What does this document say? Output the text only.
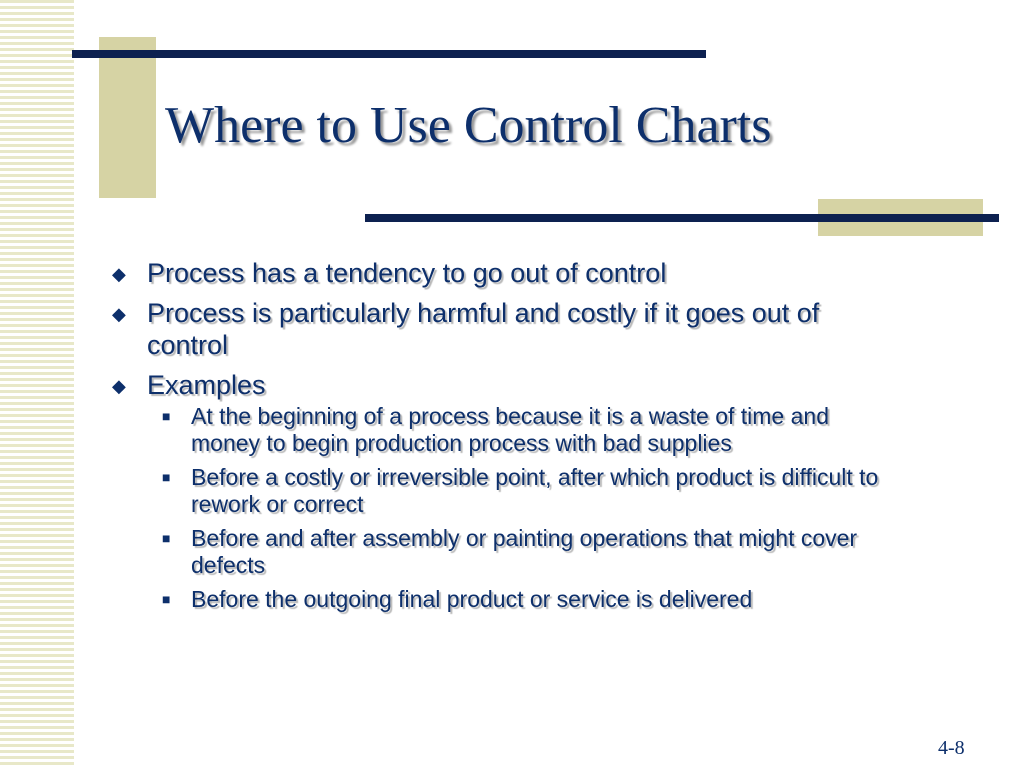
Where to Use Control Charts
◆ Process has a tendency to go out of control
◆ Process is particularly harmful and costly if it goes out of control
◆ Examples
■ At the beginning of a process because it is a waste of time and money to begin production process with bad supplies
■ Before a costly or irreversible point, after which product is difficult to rework or correct
■ Before and after assembly or painting operations that might cover defects
■ Before the outgoing final product or service is delivered
4-8
